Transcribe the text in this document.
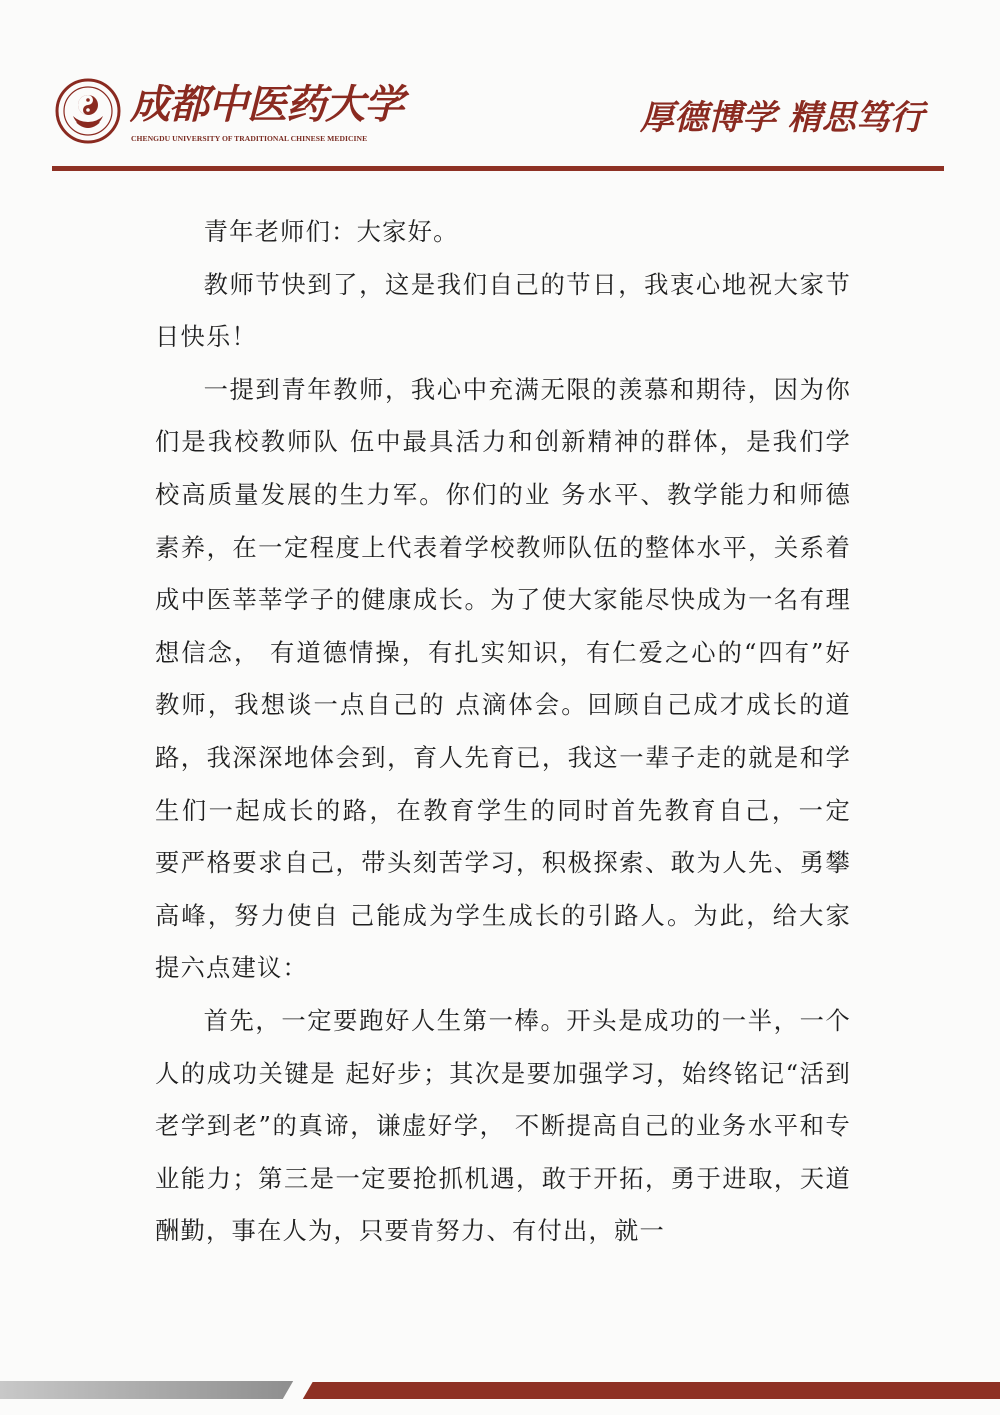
成都中医药大学
CHENGDU UNIVERSITY OF TRADITIONAL CHINESE MEDICINE
厚德博学 精思笃行

青年老师们：大家好。

教师节快到了，这是我们自己的节日，我衷心地祝大家节日快乐！

一提到青年教师，我心中充满无限的羡慕和期待，因为你们是我校教师队 伍中最具活力和创新精神的群体，是我们学校高质量发展的生力军。你们的业 务水平、教学能力和师德素养，在一定程度上代表着学校教师队伍的整体水平，关系着成中医莘莘学子的健康成长。为了使大家能尽快成为一名有理想信念， 有道德情操，有扎实知识，有仁爱之心的“四有”好教师，我想谈一点自己的 点滴体会。回顾自己成才成长的道路，我深深地体会到，育人先育已，我这一辈子走的就是和学生们一起成长的路，在教育学生的同时首先教育自己，一定 要严格要求自己，带头刻苦学习，积极探索、敢为人先、勇攀高峰，努力使自 己能成为学生成长的引路人。为此，给大家提六点建议：

首先，一定要跑好人生第一棒。开头是成功的一半，一个人的成功关键是 起好步；其次是要加强学习，始终铭记“活到老学到老”的真谛，谦虚好学， 不断提高自己的业务水平和专业能力；第三是一定要抢抓机遇，敢于开拓，勇于进取，天道酬勤，事在人为，只要肯努力、有付出，就一
